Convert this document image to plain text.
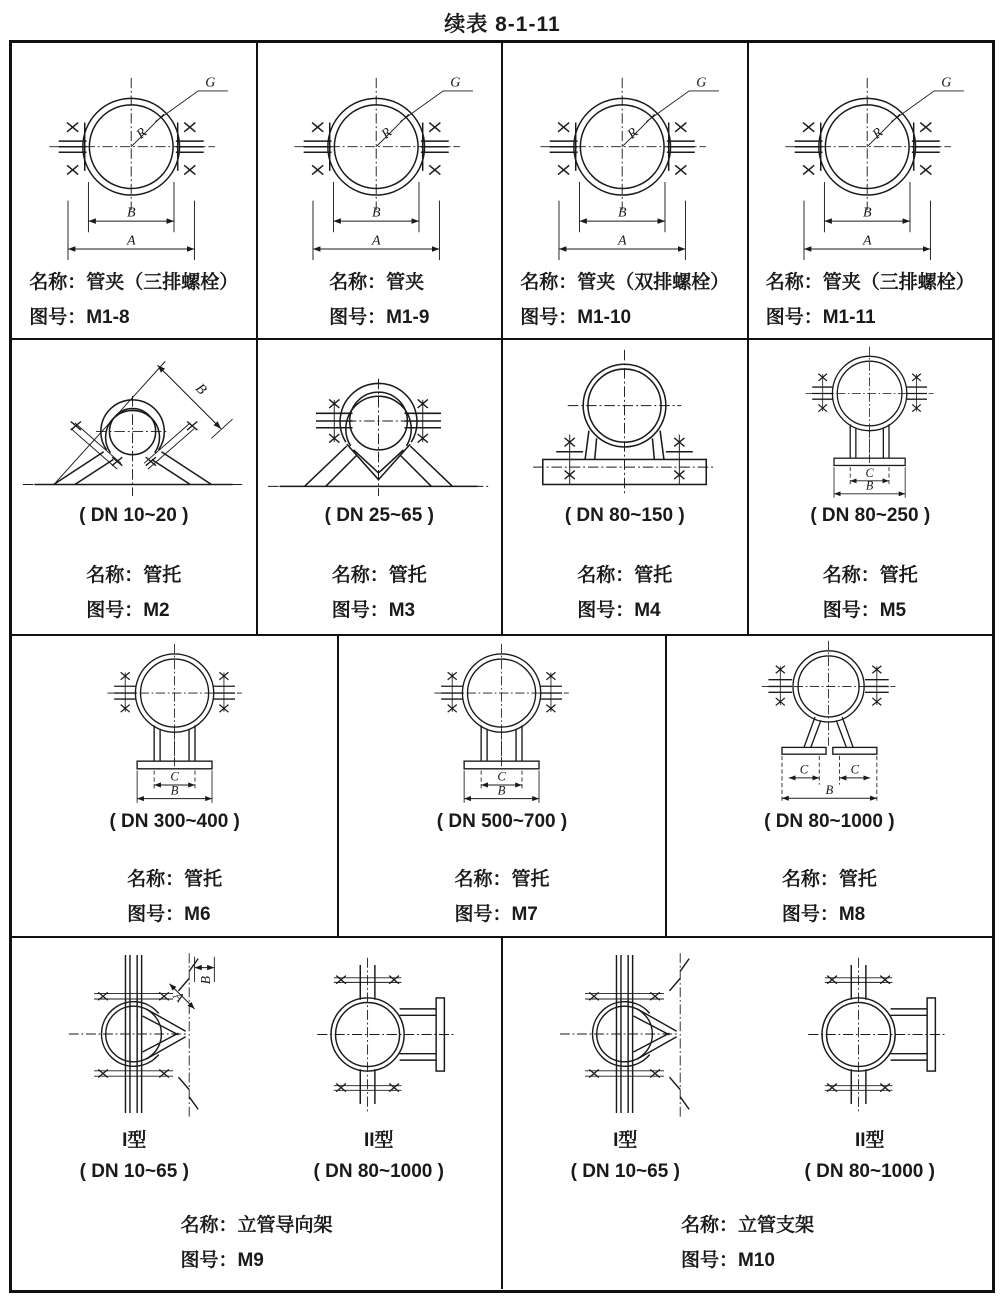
续表 8-1-11
名称：管夹（三排螺栓）
图号：M1-8
名称：管夹
图号：M1-9
名称：管夹（双排螺栓）
图号：M1-10
名称：管夹（三排螺栓）
图号：M1-11
( DN 10~20 )
名称：管托
图号：M2
( DN 25~65 )
名称：管托
图号：M3
( DN 80~150 )
名称：管托
图号：M4
( DN 80~250 )
名称：管托
图号：M5
( DN 300~400 )
名称：管托
图号：M6
( DN 500~700 )
名称：管托
图号：M7
( DN 80~1000 )
名称：管托
图号：M8
I型
( DN 10~65 )
II型
( DN 80~1000 )
名称：立管导向架
图号：M9
I型
( DN 10~65 )
II型
( DN 80~1000 )
名称：立管支架
图号：M10
